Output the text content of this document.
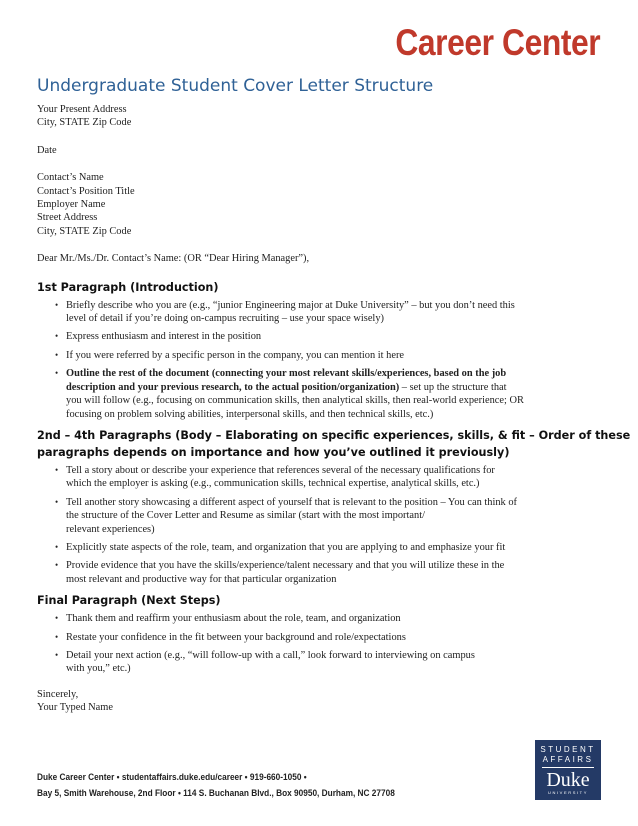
Career Center
Undergraduate Student Cover Letter Structure
Your Present Address
City, STATE Zip Code
Date
Contact’s Name
Contact’s Position Title
Employer Name
Street Address
City, STATE Zip Code
Dear Mr./Ms./Dr. Contact’s Name: (OR “Dear Hiring Manager”),
1st Paragraph (Introduction)
• Briefly describe who you are (e.g., “junior Engineering major at Duke University” – but you don’t need this
level of detail if you’re doing on-campus recruiting – use your space wisely)
• Express enthusiasm and interest in the position
• If you were referred by a specific person in the company, you can mention it here
• Outline the rest of the document (connecting your most relevant skills/experiences, based on the job
description and your previous research, to the actual position/organization) – set up the structure that
you will follow (e.g., focusing on communication skills, then analytical skills, then real-world experience; OR
focusing on problem solving abilities, interpersonal skills, and then technical skills, etc.)
2nd – 4th Paragraphs (Body – Elaborating on specific experiences, skills, & fit – Order of these
paragraphs depends on importance and how you’ve outlined it previously)
• Tell a story about or describe your experience that references several of the necessary qualifications for
which the employer is asking (e.g., communication skills, technical expertise, analytical skills, etc.)
• Tell another story showcasing a different aspect of yourself that is relevant to the position – You can think of
the structure of the Cover Letter and Resume as similar (start with the most important/
relevant experiences)
• Explicitly state aspects of the role, team, and organization that you are applying to and emphasize your fit
• Provide evidence that you have the skills/experience/talent necessary and that you will utilize these in the
most relevant and productive way for that particular organization
Final Paragraph (Next Steps)
• Thank them and reaffirm your enthusiasm about the role, team, and organization
• Restate your confidence in the fit between your background and role/expectations
• Detail your next action (e.g., “will follow-up with a call,” look forward to interviewing on campus
with you,” etc.)
Sincerely,
Your Typed Name
Duke Career Center • studentaffairs.duke.edu/career • 919-660-1050 •
Bay 5, Smith Warehouse, 2nd Floor • 114 S. Buchanan Blvd., Box 90950, Durham, NC 27708
STUDENT
AFFAIRS
Duke
UNIVERSITY
